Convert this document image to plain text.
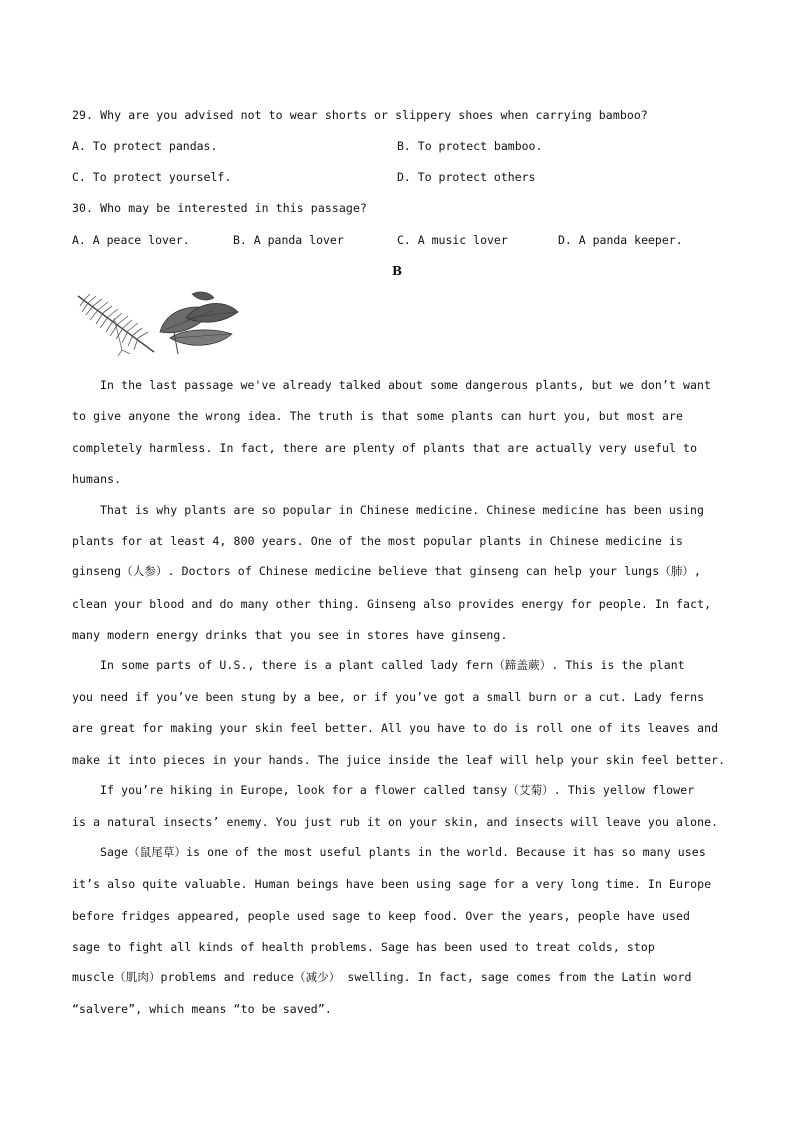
29. Why are you advised not to wear shorts or slippery shoes when carrying bamboo?
A. To protect pandas.	B. To protect bamboo.
C. To protect yourself.	D. To protect others
30. Who may be interested in this passage?
A. A peace lover.	B. A panda lover	C. A music lover	D. A panda keeper.
B
In the last passage we've already talked about some dangerous plants, but we don’t want
to give anyone the wrong idea. The truth is that some plants can hurt you, but most are
completely harmless. In fact, there are plenty of plants that are actually very useful to
humans.
That is why plants are so popular in Chinese medicine. Chinese medicine has been using
plants for at least 4, 800 years. One of the most popular plants in Chinese medicine is
ginseng（人参）. Doctors of Chinese medicine believe that ginseng can help your lungs（肺）,
clean your blood and do many other thing. Ginseng also provides energy for people. In fact,
many modern energy drinks that you see in stores have ginseng.
In some parts of U.S., there is a plant called lady fern（蹄盖蕨）. This is the plant
you need if you’ve been stung by a bee, or if you’ve got a small burn or a cut. Lady ferns
are great for making your skin feel better. All you have to do is roll one of its leaves and
make it into pieces in your hands. The juice inside the leaf will help your skin feel better.
If you’re hiking in Europe, look for a flower called tansy（艾菊）. This yellow flower
is a natural insects’ enemy. You just rub it on your skin, and insects will leave you alone.
Sage（鼠尾草）is one of the most useful plants in the world. Because it has so many uses
it’s also quite valuable. Human beings have been using sage for a very long time. In Europe
before fridges appeared, people used sage to keep food. Over the years, people have used
sage to fight all kinds of health problems. Sage has been used to treat colds, stop
muscle（肌肉）problems and reduce（减少） swelling. In fact, sage comes from the Latin word
“salvere”, which means “to be saved”.
